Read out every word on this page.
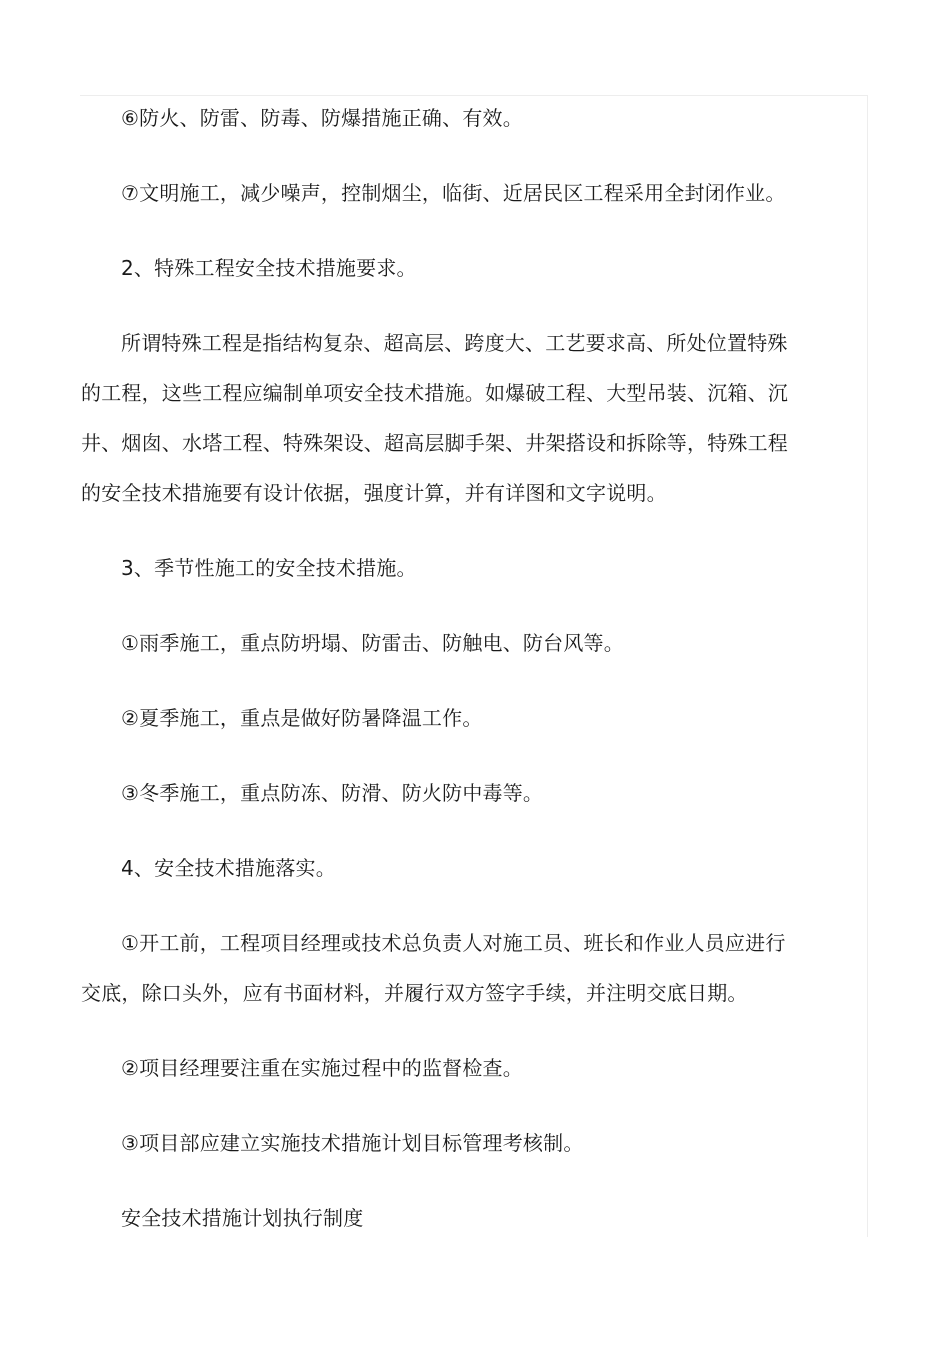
⑥防火、防雷、防毒、防爆措施正确、有效。

⑦文明施工，减少噪声，控制烟尘，临街、近居民区工程采用全封闭作业。

2、特殊工程安全技术措施要求。

所谓特殊工程是指结构复杂、超高层、跨度大、工艺要求高、所处位置特殊

的工程，这些工程应编制单项安全技术措施。如爆破工程、大型吊装、沉箱、沉

井、烟囱、水塔工程、特殊架设、超高层脚手架、井架搭设和拆除等，特殊工程

的安全技术措施要有设计依据，强度计算，并有详图和文字说明。

3、季节性施工的安全技术措施。

①雨季施工，重点防坍塌、防雷击、防触电、防台风等。

②夏季施工，重点是做好防暑降温工作。

③冬季施工，重点防冻、防滑、防火防中毒等。

4、安全技术措施落实。

①开工前，工程项目经理或技术总负责人对施工员、班长和作业人员应进行

交底，除口头外，应有书面材料，并履行双方签字手续，并注明交底日期。

②项目经理要注重在实施过程中的监督检查。

③项目部应建立实施技术措施计划目标管理考核制。

安全技术措施计划执行制度
